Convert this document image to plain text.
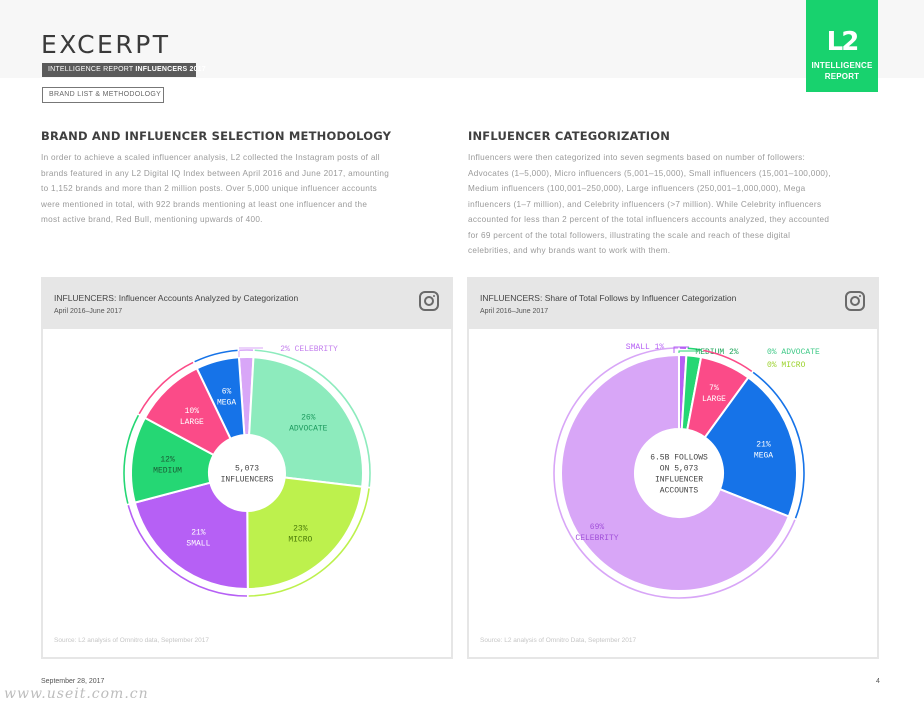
EXCERPT
INTELLIGENCE REPORT INFLUENCERS 2017
BRAND LIST & METHODOLOGY
L2
INTELLIGENCE
REPORT
BRAND AND INFLUENCER SELECTION METHODOLOGY
In order to achieve a scaled influencer analysis, L2 collected the Instagram posts of all
brands featured in any L2 Digital IQ Index between April 2016 and June 2017, amounting
to 1,152 brands and more than 2 million posts. Over 5,000 unique influencer accounts
were mentioned in total, with 922 brands mentioning at least one influencer and the
most active brand, Red Bull, mentioning upwards of 400.
INFLUENCER CATEGORIZATION
Influencers were then categorized into seven segments based on number of followers:
Advocates (1–5,000), Micro influencers (5,001–15,000), Small influencers (15,001–100,000),
Medium influencers (100,001–250,000), Large influencers (250,001–1,000,000), Mega
influencers (1–7 million), and Celebrity influencers (>7 million). While Celebrity influencers
accounted for less than 2 percent of the total influencers accounts analyzed, they accounted
for 69 percent of the total followers, illustrating the scale and reach of these digital
celebrities, and why brands want to work with them.
INFLUENCERS: Influencer Accounts Analyzed by Categorization
April 2016–June 2017
2% CELEBRITY
26% ADVOCATE
23% MICRO
21% SMALL
12% MEDIUM
10% LARGE
6% MEGA
5,073 INFLUENCERS
Source: L2 analysis of Omnitro data, September 2017
INFLUENCERS: Share of Total Follows by Influencer Categorization
April 2016–June 2017
SMALL 1%
MEDIUM 2%	0% ADVOCATE
0% MICRO
7% LARGE
21% MEGA
69% CELEBRITY
6.5B FOLLOWS ON 5,073 INFLUENCER ACCOUNTS
Source: L2 analysis of Omnitro Data, September 2017
September 28, 2017	4
www.useit.com.cn
